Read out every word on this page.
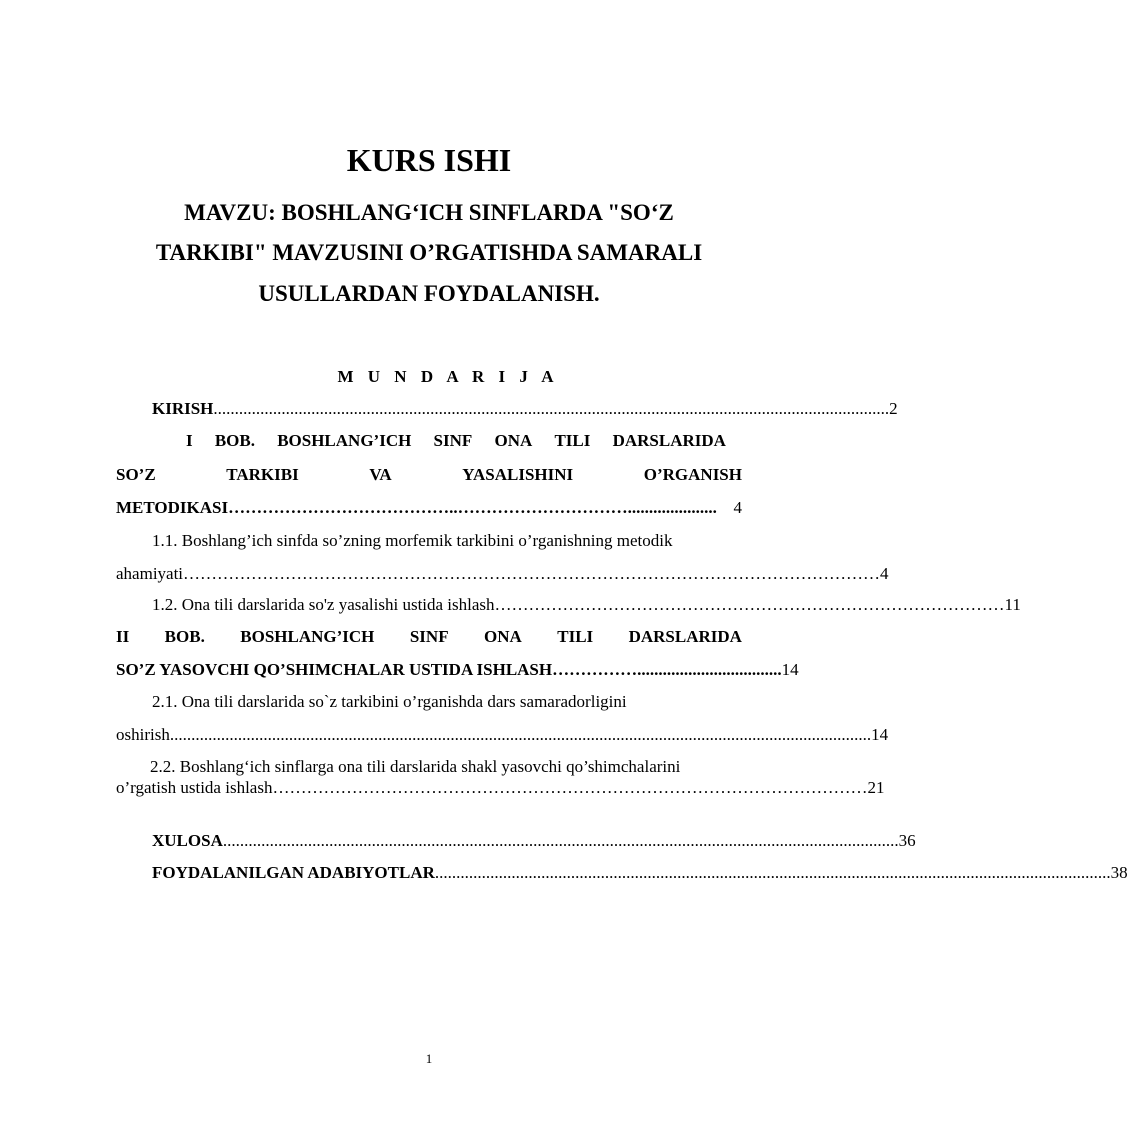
KURS ISHI
MAVZU: BOSHLANG‘ICH SINFLARDA "SO‘Z
TARKIBI" MAVZUSINI O’RGATISHDA SAMARALI
USULLARDAN FOYDALANISH.
M U N D A R I J A
KIRISH ............................................................................................................................................................... 2
I BOB. BOSHLANG’ICH SINF ONA TILI DARSLARIDA
SO’Z	TARKIBI	VA	YASALISHINI	O’RGANISH
METODIKASI …………………………………..…………………………..................... 4
1.1. Boshlang’ich sinfda so’zning morfemik tarkibini o’rganishning metodik
ahamiyati …………………………………………………………………………………………………………… 4
1.2. Ona tili darslarida so'z yasalishi ustida ishlash ……………………………………………………………………………… 11
II BOB. BOSHLANG’ICH SINF ONA TILI DARSLARIDA
SO’Z YASOVCHI QO’SHIMCHALAR USTIDA ISHLASH …………….................................. 14
2.1. Ona tili darslarida so`z tarkibini o’rganishda dars samaradorligini
oshirish ..................................................................................................................................................................... 14
2.2. Boshlang‘ich sinflarga ona tili darslarida shakl yasovchi qo’shimchalarini
o’rgatish ustida ishlash …………………………………………………………………………………………… 21
XULOSA ............................................................................................................................................................... 36
FOYDALANILGAN ADABIYOTLAR ............................................................................................................................................................... 38
1
